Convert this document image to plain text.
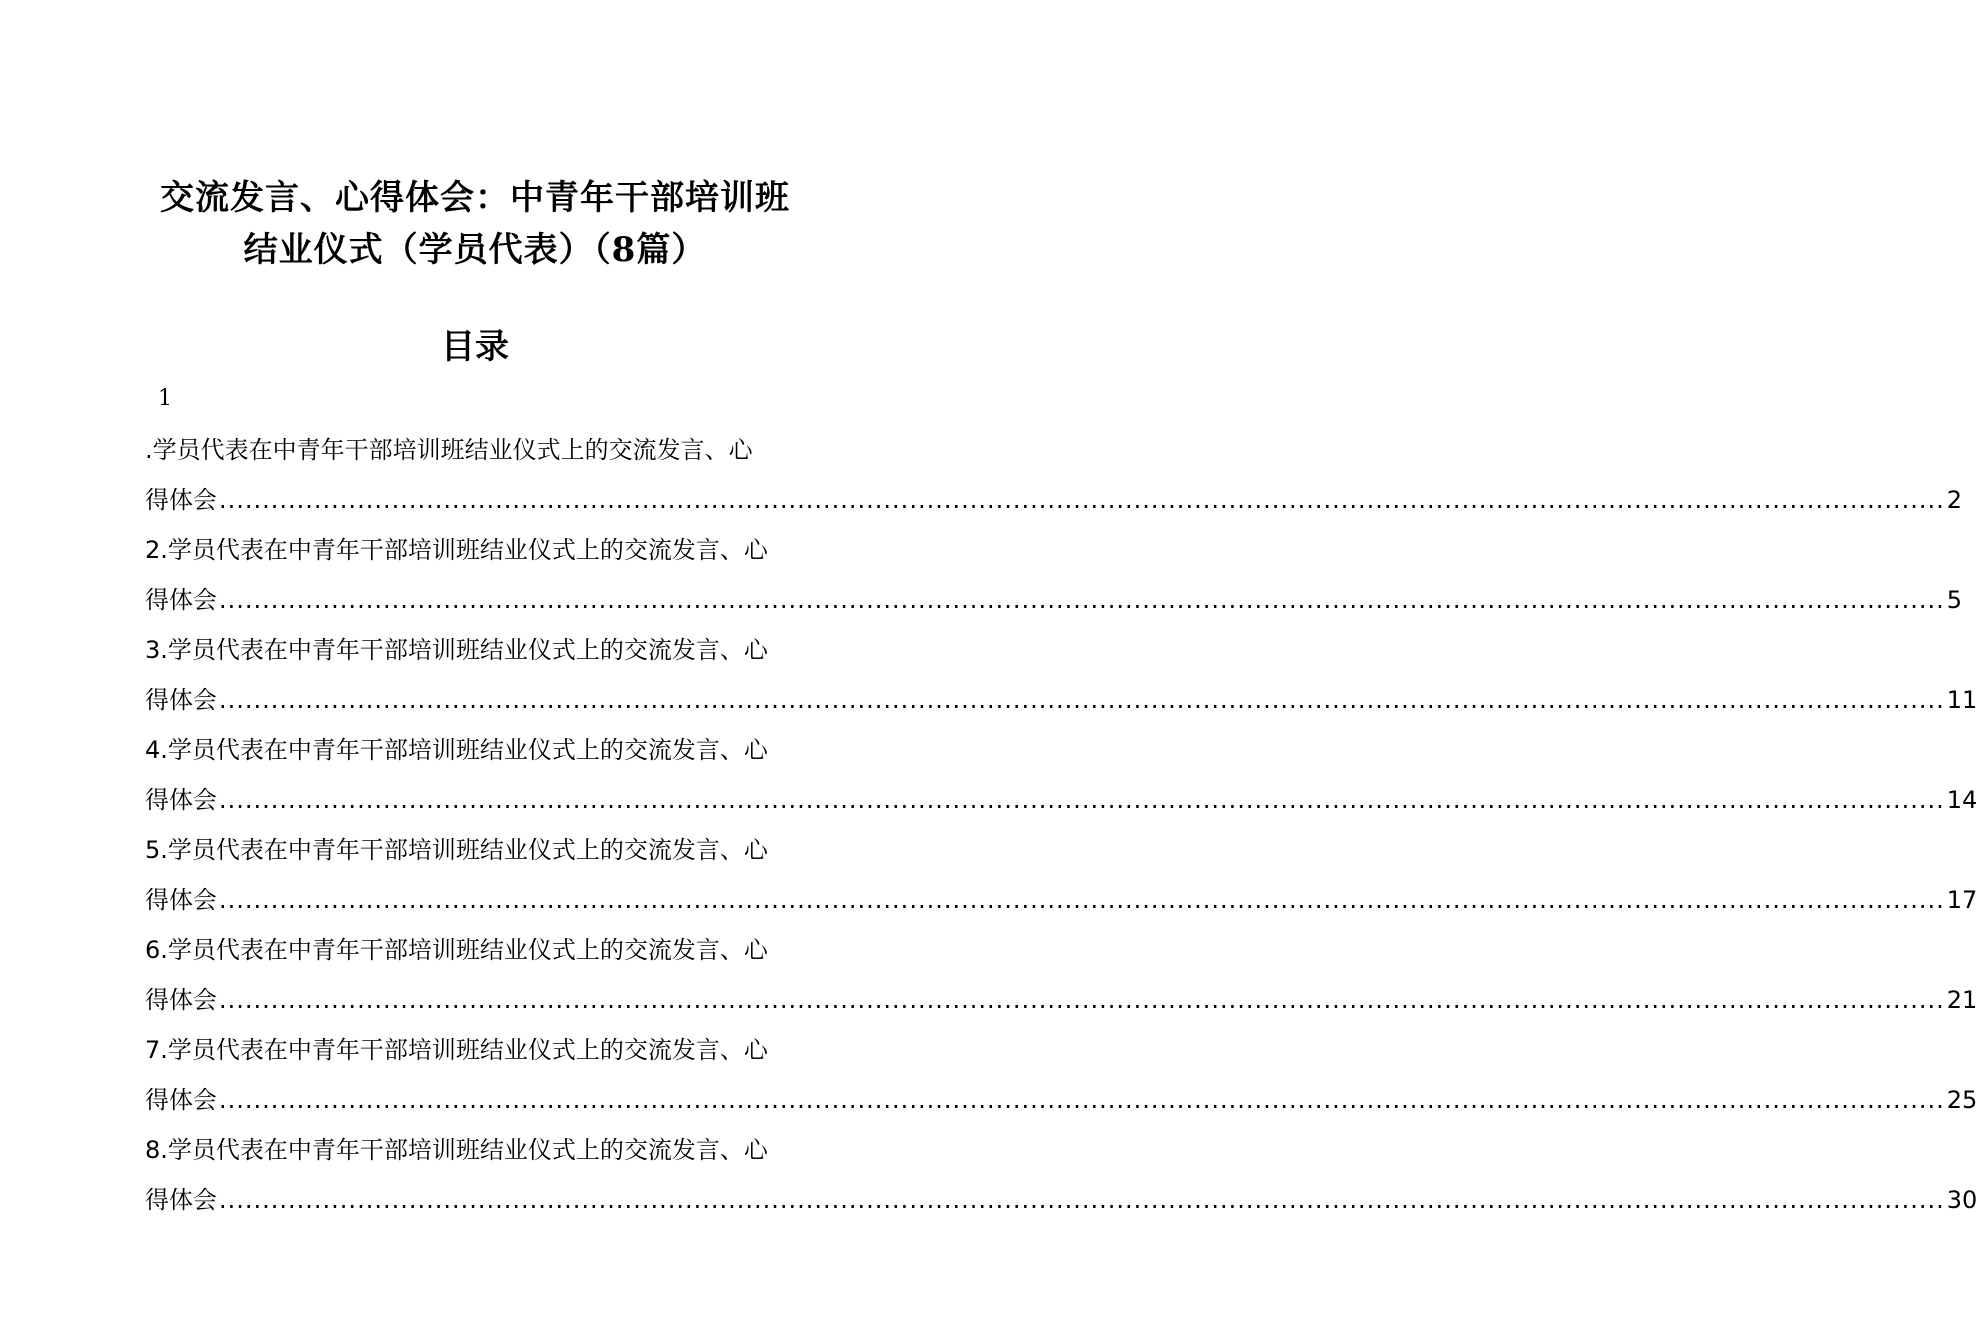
交流发言、心得体会：中青年干部培训班
结业仪式（学员代表）（8篇）
目录
1
.学员代表在中青年干部培训班结业仪式上的交流发言、心
得体会 ........................................................................................................................................................................................................ 2
2.学员代表在中青年干部培训班结业仪式上的交流发言、心
得体会 ........................................................................................................................................................................................................ 5
3.学员代表在中青年干部培训班结业仪式上的交流发言、心
得体会 ........................................................................................................................................................................................................ 11
4.学员代表在中青年干部培训班结业仪式上的交流发言、心
得体会 ........................................................................................................................................................................................................ 14
5.学员代表在中青年干部培训班结业仪式上的交流发言、心
得体会 ........................................................................................................................................................................................................ 17
6.学员代表在中青年干部培训班结业仪式上的交流发言、心
得体会 ........................................................................................................................................................................................................ 21
7.学员代表在中青年干部培训班结业仪式上的交流发言、心
得体会 ........................................................................................................................................................................................................ 25
8.学员代表在中青年干部培训班结业仪式上的交流发言、心
得体会 ........................................................................................................................................................................................................ 30
